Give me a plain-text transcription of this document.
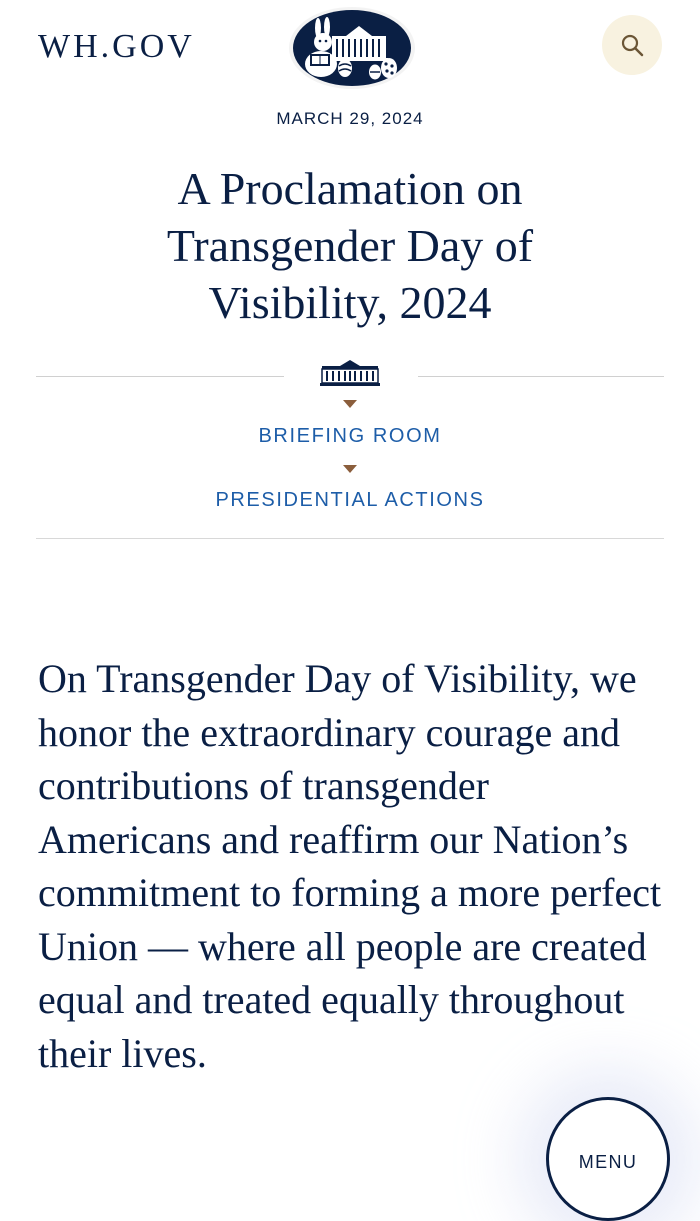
WH.GOV
MARCH 29, 2024
A Proclamation on Transgender Day of Visibility, 2024
BRIEFING ROOM
PRESIDENTIAL ACTIONS

On Transgender Day of Visibility, we honor the extraordinary courage and contributions of transgender Americans and reaffirm our Nation’s commitment to forming a more perfect Union — where all people are created equal and treated equally throughout their lives.

MENU
